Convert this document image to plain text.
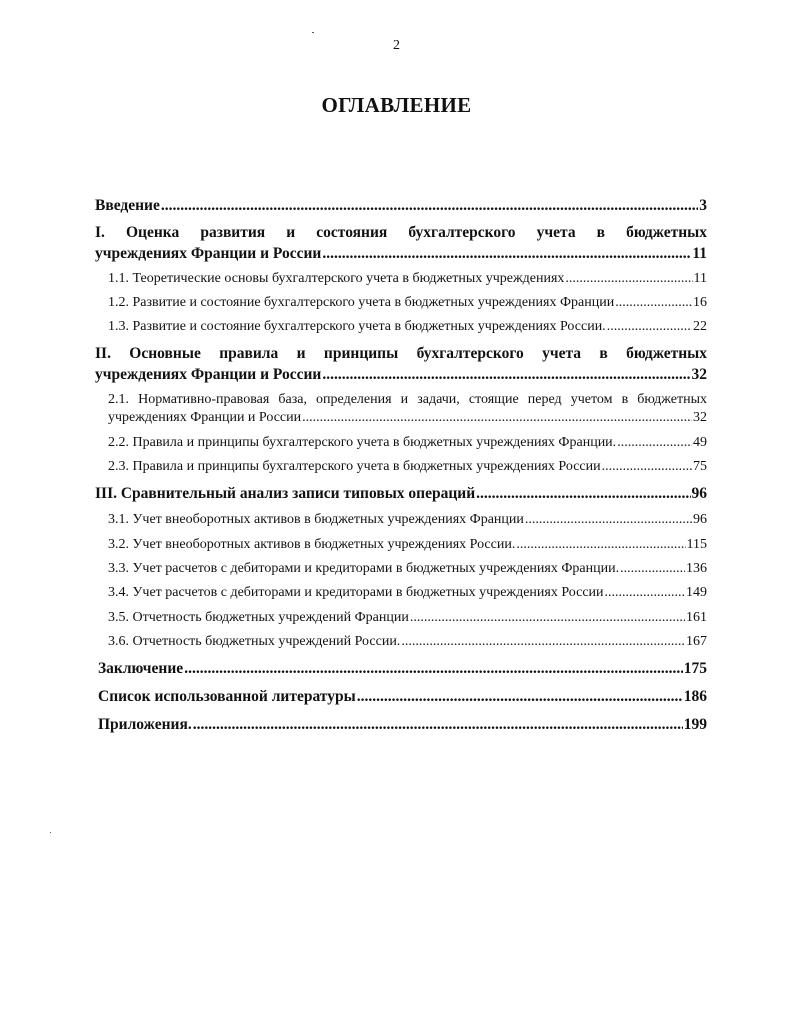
2
ОГЛАВЛЕНИЕ
Введение .....	3
I. Оценка развития и состояния бухгалтерского учета в бюджетных
учреждениях Франции и России .....	11
1.1. Теоретические основы бухгалтерского учета в бюджетных учреждениях .....	11
1.2. Развитие и состояние бухгалтерского учета в бюджетных учреждениях Франции .....	16
1.3. Развитие и состояние бухгалтерского учета в бюджетных учреждениях России. .....	22
II. Основные правила и принципы бухгалтерского учета в бюджетных
учреждениях Франции и России .....	32
2.1. Нормативно-правовая база, определения и задачи, стоящие перед учетом в бюджетных
учреждениях Франции и России .....	32
2.2. Правила и принципы бухгалтерского учета в бюджетных учреждениях Франции. .....	49
2.3. Правила и принципы бухгалтерского учета в бюджетных учреждениях России .....	75
III. Сравнительный анализ записи типовых операций .....	96
3.1. Учет внеоборотных активов в бюджетных учреждениях Франции .....	96
3.2. Учет внеоборотных активов в бюджетных учреждениях России. .....	115
3.3. Учет расчетов с дебиторами и кредиторами в бюджетных учреждениях Франции. .....	136
3.4. Учет расчетов с дебиторами и кредиторами в бюджетных учреждениях России .....	149
3.5. Отчетность бюджетных учреждений Франции .....	161
3.6. Отчетность бюджетных учреждений России. .....	167
Заключение .....	175
Список использованной литературы .....	186
Приложения. .....	199
